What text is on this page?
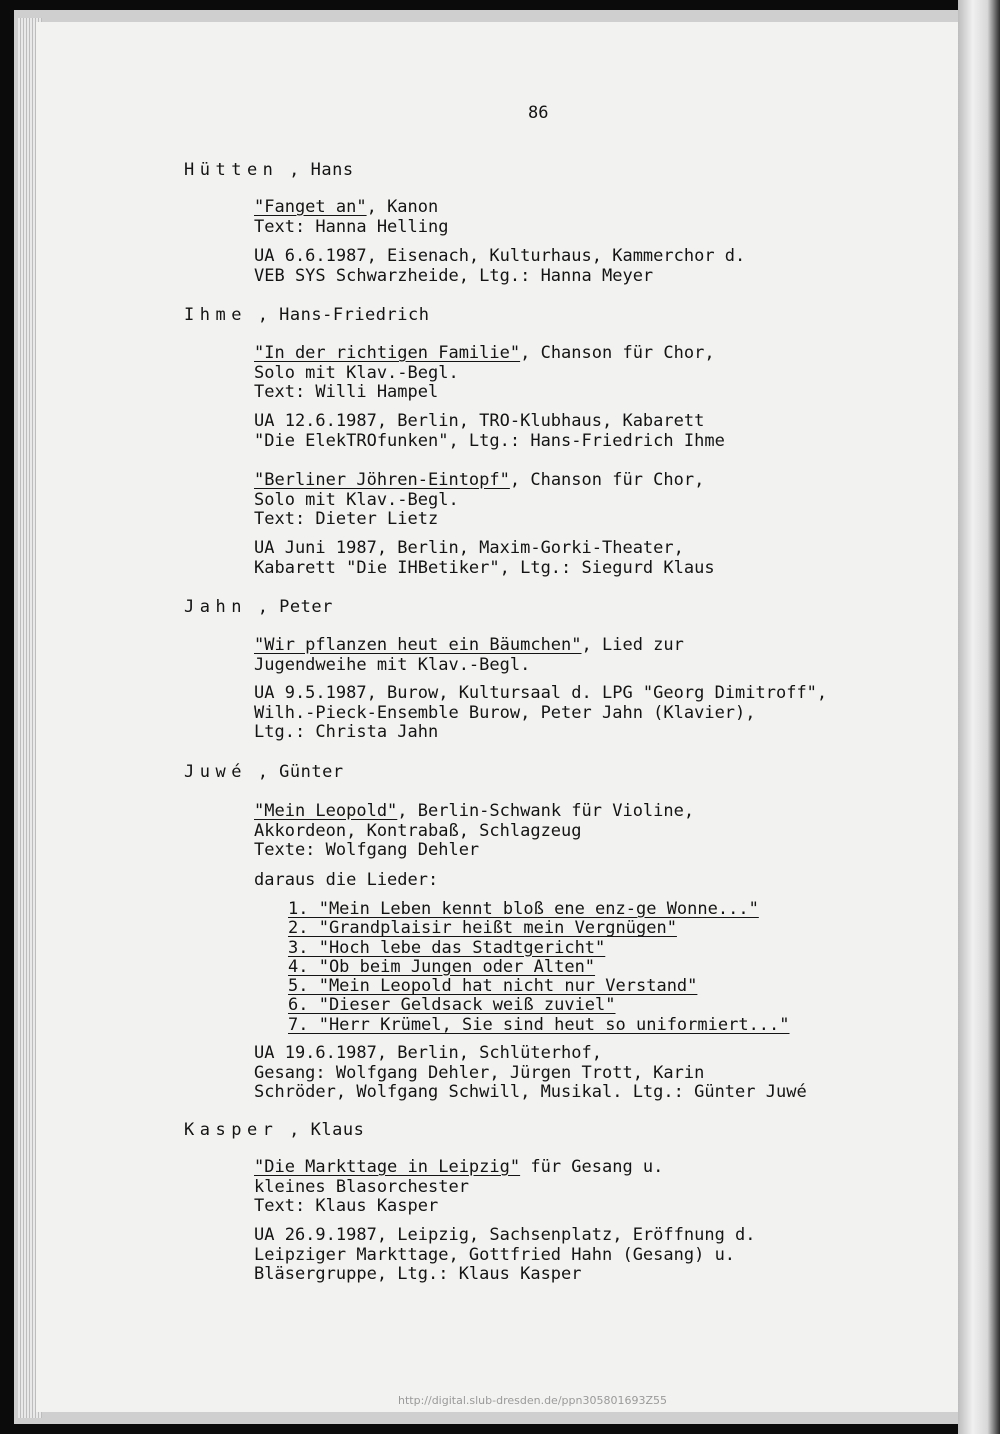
86
Hütten , Hans
"Fanget an", Kanon
Text: Hanna Helling
UA 6.6.1987, Eisenach, Kulturhaus, Kammerchor d.
VEB SYS Schwarzheide, Ltg.: Hanna Meyer
Ihme , Hans-Friedrich
"In der richtigen Familie", Chanson für Chor,
Solo mit Klav.-Begl.
Text: Willi Hampel
UA 12.6.1987, Berlin, TRO-Klubhaus, Kabarett
"Die ElekTROfunken", Ltg.: Hans-Friedrich Ihme
"Berliner Jöhren-Eintopf", Chanson für Chor,
Solo mit Klav.-Begl.
Text: Dieter Lietz
UA Juni 1987, Berlin, Maxim-Gorki-Theater,
Kabarett "Die IHBetiker", Ltg.: Siegurd Klaus
Jahn , Peter
"Wir pflanzen heut ein Bäumchen", Lied zur
Jugendweihe mit Klav.-Begl.
UA 9.5.1987, Burow, Kultursaal d. LPG "Georg Dimitroff",
Wilh.-Pieck-Ensemble Burow, Peter Jahn (Klavier),
Ltg.: Christa Jahn
Juwé , Günter
"Mein Leopold", Berlin-Schwank für Violine,
Akkordeon, Kontrabaß, Schlagzeug
Texte: Wolfgang Dehler
daraus die Lieder:
1. "Mein Leben kennt bloß ene enz-ge Wonne..."
2. "Grandplaisir heißt mein Vergnügen"
3. "Hoch lebe das Stadtgericht"
4. "Ob beim Jungen oder Alten"
5. "Mein Leopold hat nicht nur Verstand"
6. "Dieser Geldsack weiß zuviel"
7. "Herr Krümel, Sie sind heut so uniformiert..."
UA 19.6.1987, Berlin, Schlüterhof,
Gesang: Wolfgang Dehler, Jürgen Trott, Karin
Schröder, Wolfgang Schwill, Musikal. Ltg.: Günter Juwé
Kasper , Klaus
"Die Markttage in Leipzig" für Gesang u.
kleines Blasorchester
Text: Klaus Kasper
UA 26.9.1987, Leipzig, Sachsenplatz, Eröffnung d.
Leipziger Markttage, Gottfried Hahn (Gesang) u.
Bläsergruppe, Ltg.: Klaus Kasper
http://digital.slub-dresden.de/ppn305801693Z55
